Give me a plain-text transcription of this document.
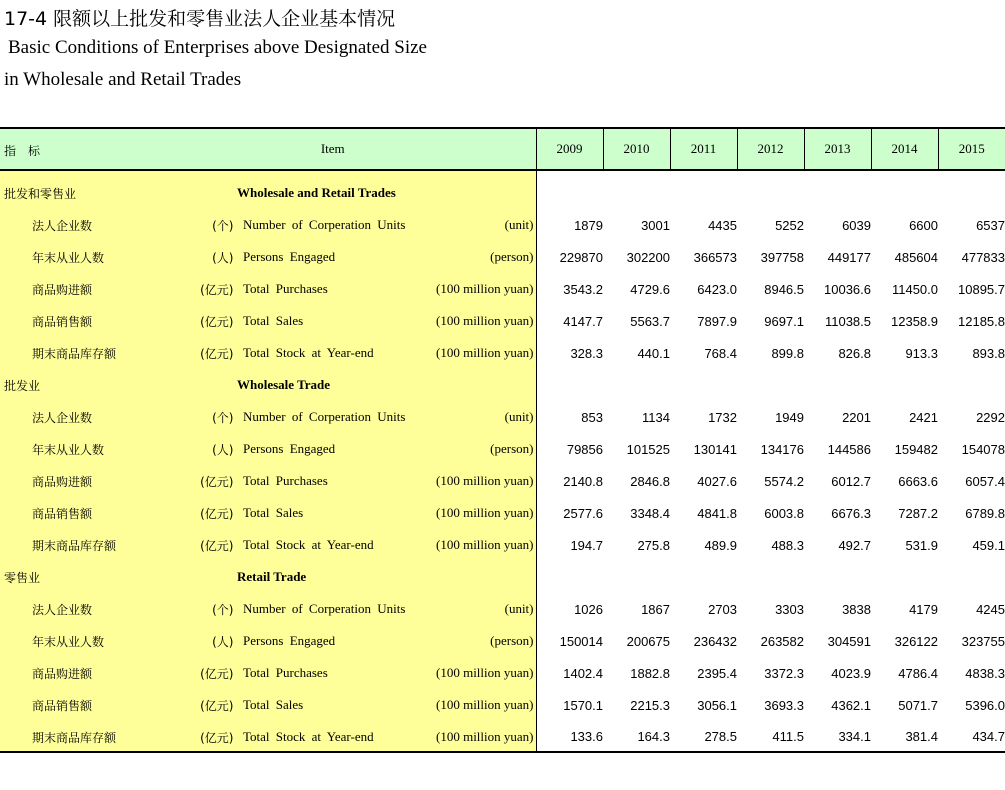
17-4 限额以上批发和零售业法人企业基本情况
Basic Conditions of Enterprises above Designated Size
in Wholesale and Retail Trades
指　标 Item	2009	2010	2011	2012	2013	2014	2015

批发和零售业 Wholesale and Retail Trades							

法人企业数 (个) Number of Corperation Units (unit)	1879	3001	4435	5252	6039	6600	6537

年末从业人数 (人) Persons Engaged (person)	229870	302200	366573	397758	449177	485604	477833

商品购进额 (亿元) Total Purchases (100 million yuan)	3543.2	4729.6	6423.0	8946.5	10036.6	11450.0	10895.7

商品销售额 (亿元) Total Sales (100 million yuan)	4147.7	5563.7	7897.9	9697.1	11038.5	12358.9	12185.8

期末商品库存额 (亿元) Total Stock at Year-end (100 million yuan)	328.3	440.1	768.4	899.8	826.8	913.3	893.8

批发业 Wholesale Trade							

法人企业数 (个) Number of Corperation Units (unit)	853	1134	1732	1949	2201	2421	2292

年末从业人数 (人) Persons Engaged (person)	79856	101525	130141	134176	144586	159482	154078

商品购进额 (亿元) Total Purchases (100 million yuan)	2140.8	2846.8	4027.6	5574.2	6012.7	6663.6	6057.4

商品销售额 (亿元) Total Sales (100 million yuan)	2577.6	3348.4	4841.8	6003.8	6676.3	7287.2	6789.8

期末商品库存额 (亿元) Total Stock at Year-end (100 million yuan)	194.7	275.8	489.9	488.3	492.7	531.9	459.1

零售业 Retail Trade							

法人企业数 (个) Number of Corperation Units (unit)	1026	1867	2703	3303	3838	4179	4245

年末从业人数 (人) Persons Engaged (person)	150014	200675	236432	263582	304591	326122	323755

商品购进额 (亿元) Total Purchases (100 million yuan)	1402.4	1882.8	2395.4	3372.3	4023.9	4786.4	4838.3

商品销售额 (亿元) Total Sales (100 million yuan)	1570.1	2215.3	3056.1	3693.3	4362.1	5071.7	5396.0

期末商品库存额 (亿元) Total Stock at Year-end (100 million yuan)	133.6	164.3	278.5	411.5	334.1	381.4	434.7
